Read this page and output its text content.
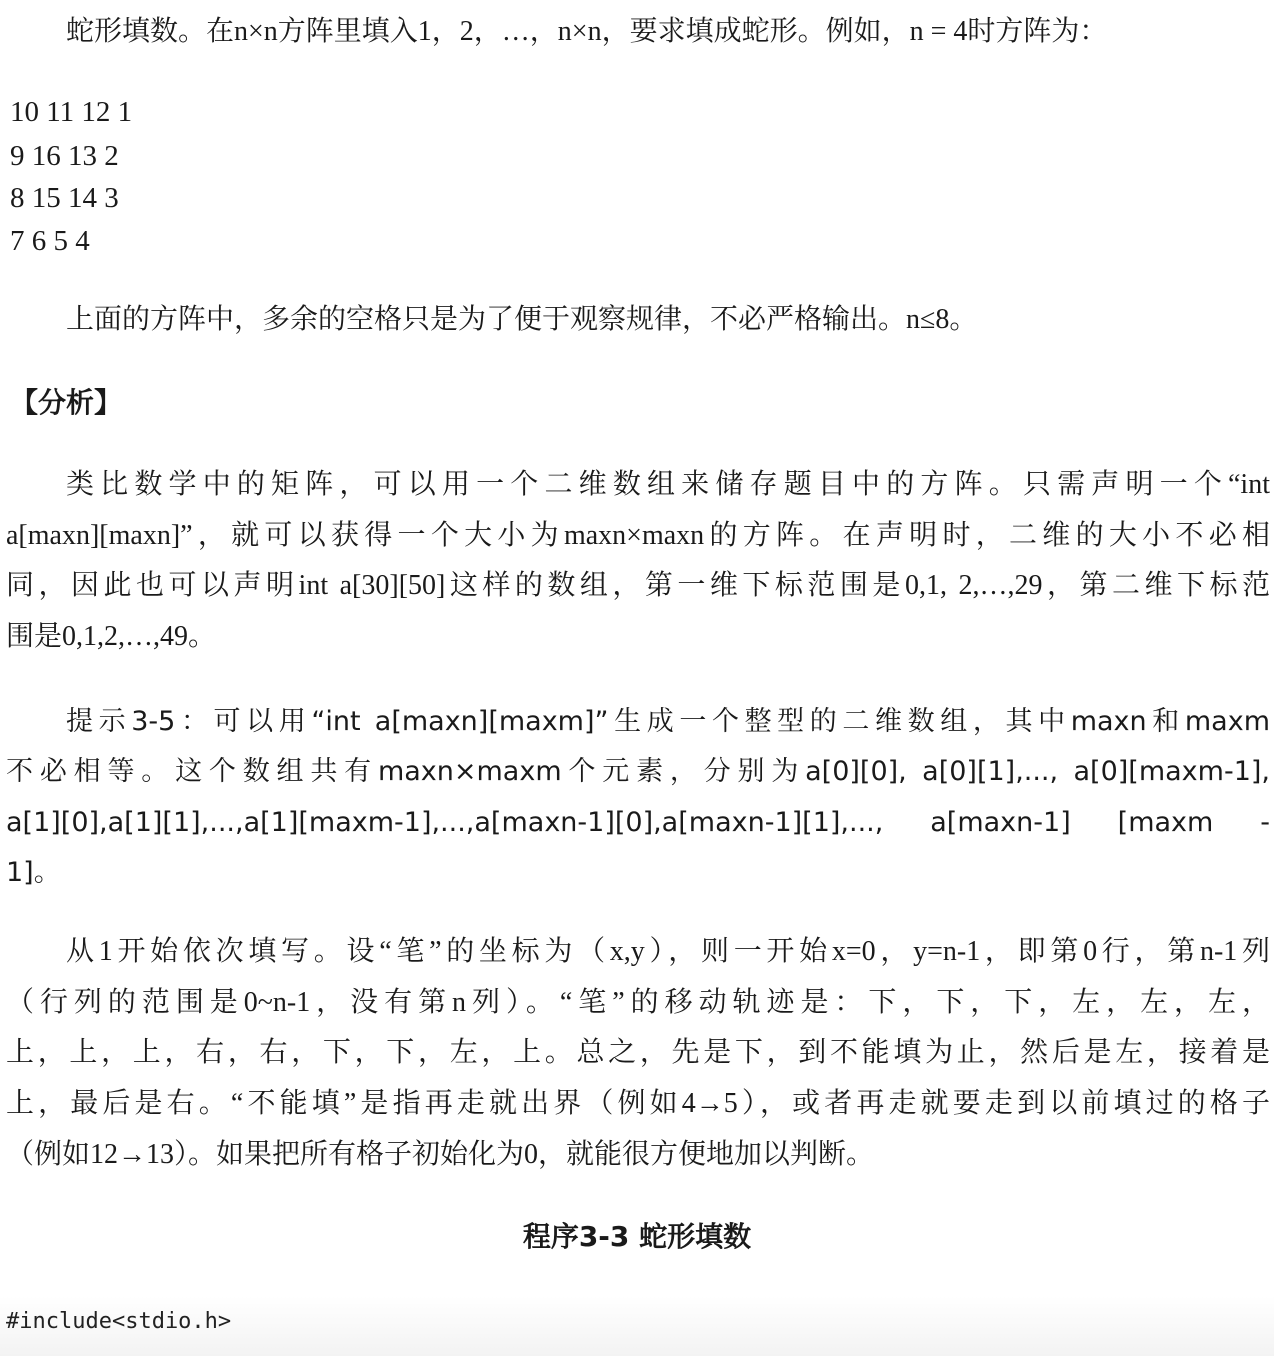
蛇形填数。在n×n方阵里填入1，2，…，n×n，要求填成蛇形。例如，n = 4时方阵为：

10 11 12 1

9 16 13 2

8 15 14 3

7 6 5 4

上面的方阵中，多余的空格只是为了便于观察规律，不必严格输出。n≤8。

【分析】

类比数学中的矩阵，可以用一个二维数组来储存题目中的方阵。只需声明一个“int

a[maxn][maxn]”，就可以获得一个大小为maxn×maxn的方阵。在声明时，二维的大小不必相

同，因此也可以声明int a[30][50]这样的数组，第一维下标范围是0,1, 2,…,29，第二维下标范

围是0,1,2,…,49。

提示3-5：可以用“int a[maxn][maxm]”生成一个整型的二维数组，其中maxn和maxm

不必相等。这个数组共有maxn×maxm个元素，分别为a[0][0], a[0][1],..., a[0][maxm-1],

a[1][0],a[1][1],...,a[1][maxm-1],...,a[maxn-1][0],a[maxn-1][1],..., a[maxn-1] [maxm -

1]。

从1开始依次填写。设“笔”的坐标为（x,y），则一开始x=0，y=n-1，即第0行，第n-1列

（行列的范围是0~n-1，没有第n列）。“笔”的移动轨迹是：下，下，下，左，左，左，

上，上，上，右，右，下，下，左，上。总之，先是下，到不能填为止，然后是左，接着是

上，最后是右。“不能填”是指再走就出界（例如4→5），或者再走就要走到以前填过的格子

（例如12→13）。如果把所有格子初始化为0，就能很方便地加以判断。

程序3-3 蛇形填数

#include<stdio.h>
